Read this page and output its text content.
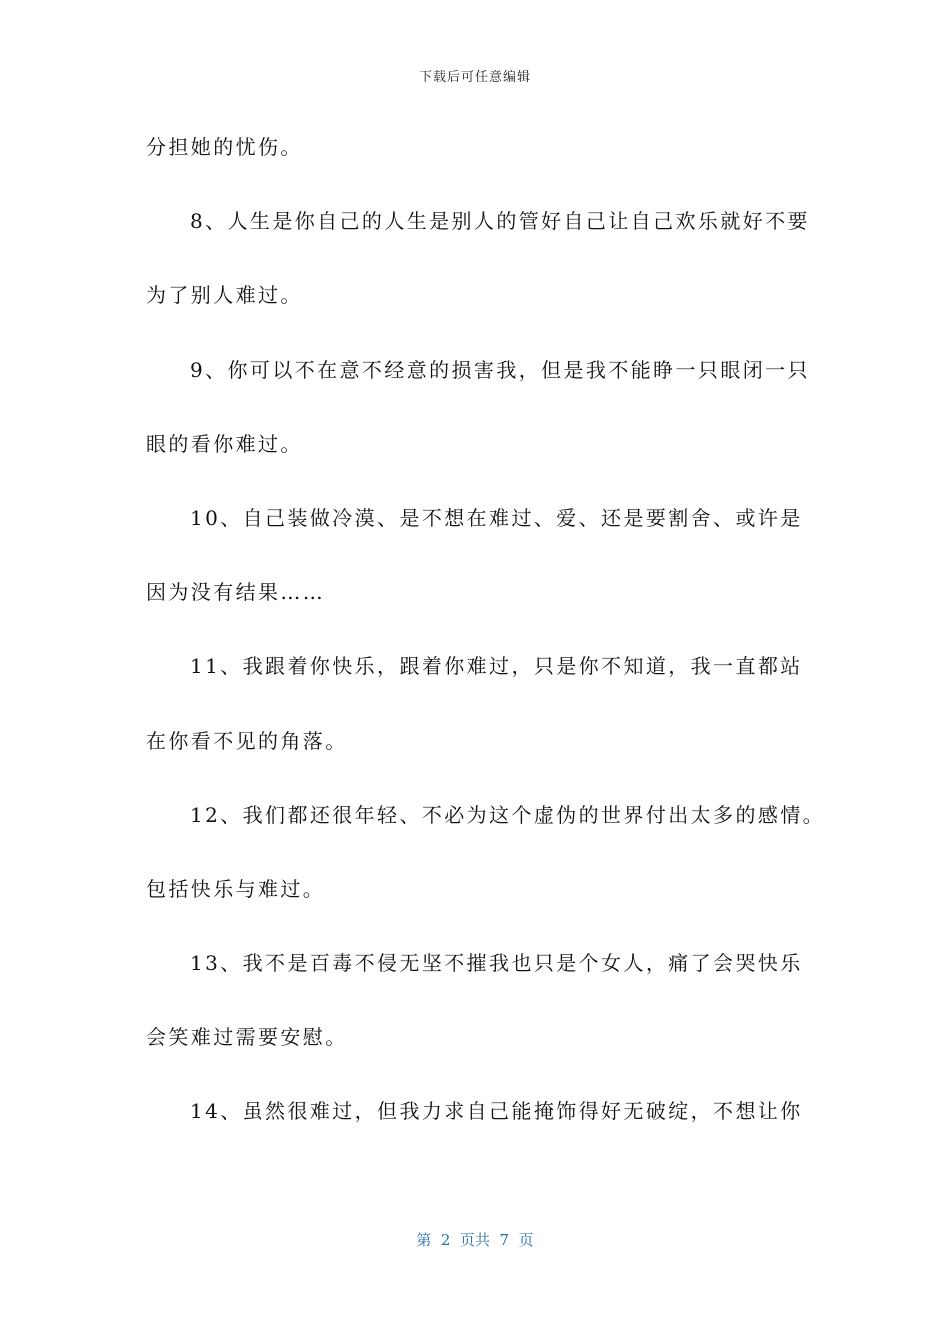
下载后可任意编辑
分担她的忧伤。
8、人生是你自己的人生是别人的管好自己让自己欢乐就好不要
为了别人难过。
9、你可以不在意不经意的损害我，但是我不能睁一只眼闭一只
眼的看你难过。
10、自己装做冷漠、是不想在难过、爱、还是要割舍、或许是
因为没有结果……
11、我跟着你快乐，跟着你难过，只是你不知道，我一直都站
在你看不见的角落。
12、我们都还很年轻、不必为这个虚伪的世界付出太多的感情。
包括快乐与难过。
13、我不是百毒不侵无坚不摧我也只是个女人，痛了会哭快乐
会笑难过需要安慰。
14、虽然很难过，但我力求自己能掩饰得好无破绽，不想让你
第  2  页共  7  页
